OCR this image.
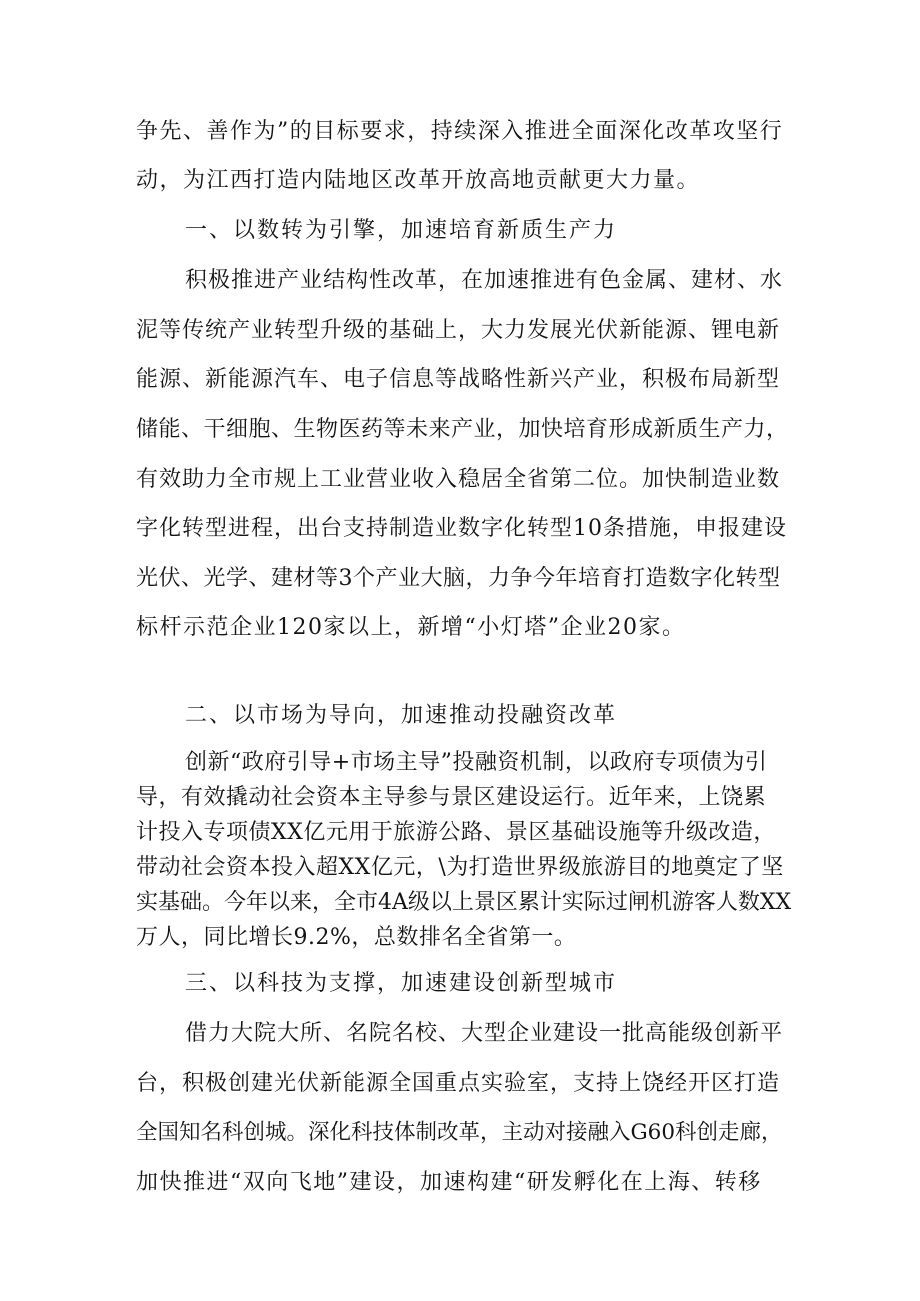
争先、善作为”的目标要求，持续深入推进全面深化改革攻坚行
动，为江西打造内陆地区改革开放高地贡献更大力量。
一、以数转为引擎，加速培育新质生产力
积极推进产业结构性改革，在加速推进有色金属、建材、水
泥等传统产业转型升级的基础上，大力发展光伏新能源、锂电新
能源、新能源汽车、电子信息等战略性新兴产业，积极布局新型
储能、干细胞、生物医药等未来产业，加快培育形成新质生产力，
有效助力全市规上工业营业收入稳居全省第二位。加快制造业数
字化转型进程，出台支持制造业数字化转型10条措施，申报建设
光伏、光学、建材等3个产业大脑，力争今年培育打造数字化转型
标杆示范企业120家以上，新增“小灯塔”企业20家。
二、以市场为导向，加速推动投融资改革
创新“政府引导+市场主导”投融资机制，以政府专项债为引
导，有效撬动社会资本主导参与景区建设运行。近年来，上饶累
计投入专项债XX亿元用于旅游公路、景区基础设施等升级改造，
带动社会资本投入超XX亿元，\为打造世界级旅游目的地奠定了坚
实基础。今年以来，全市4A级以上景区累计实际过闸机游客人数XX
万人，同比增长9.2%，总数排名全省第一。
三、以科技为支撑，加速建设创新型城市
借力大院大所、名院名校、大型企业建设一批高能级创新平
台，积极创建光伏新能源全国重点实验室，支持上饶经开区打造
全国知名科创城。深化科技体制改革，主动对接融入G60科创走廊，
加快推进“双向飞地”建设，加速构建“研发孵化在上海、转移
